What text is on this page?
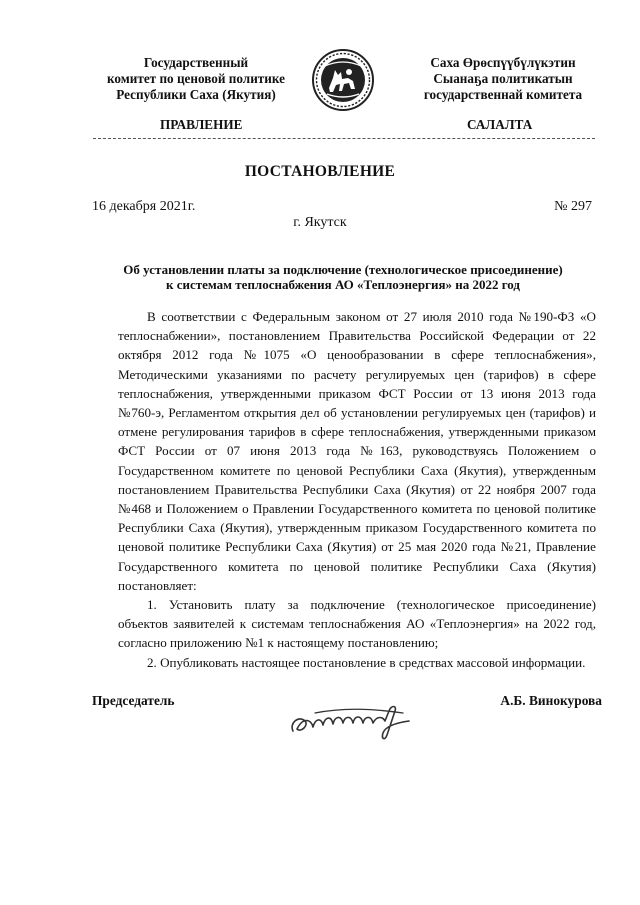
Государственный
комитет по ценовой политике
Республики Саха (Якутия)
Саха Өрөспүүбүлүкэтин
Сыанаҕа политикатын
государственнай комитета
ПРАВЛЕНИЕ	САЛАЛТА
ПОСТАНОВЛЕНИЕ
16 декабря 2021г.	№ 297
г. Якутск
Об установлении платы за подключение (технологическое присоединение)
к системам теплоснабжения АО «Теплоэнергия» на 2022 год

В соответствии с Федеральным законом от 27 июля 2010 года №190-ФЗ «О теплоснабжении», постановлением Правительства Российской Федерации от 22 октября 2012 года №1075 «О ценообразовании в сфере теплоснабжения», Методическими указаниями по расчету регулируемых цен (тарифов) в сфере теплоснабжения, утвержденными приказом ФСТ России от 13 июня 2013 года №760-э, Регламентом открытия дел об установлении регулируемых цен (тарифов) и отмене регулирования тарифов в сфере теплоснабжения, утвержденными приказом ФСТ России от 07 июня 2013 года №163, руководствуясь Положением о Государственном комитете по ценовой Республики Саха (Якутия), утвержденным постановлением Правительства Республики Саха (Якутия) от 22 ноября 2007 года №468 и Положением о Правлении Государственного комитета по ценовой политике Республики Саха (Якутия), утвержденным приказом Государственного комитета по ценовой политике Республики Саха (Якутия) от 25 мая 2020 года №21, Правление Государственного комитета по ценовой политике Республики Саха (Якутия) постановляет:

1. Установить плату за подключение (технологическое присоединение) объектов заявителей к системам теплоснабжения АО «Теплоэнергия» на 2022 год, согласно приложению №1 к настоящему постановлению;

2. Опубликовать настоящее постановление в средствах массовой информации.

Председатель	А.Б. Винокурова
